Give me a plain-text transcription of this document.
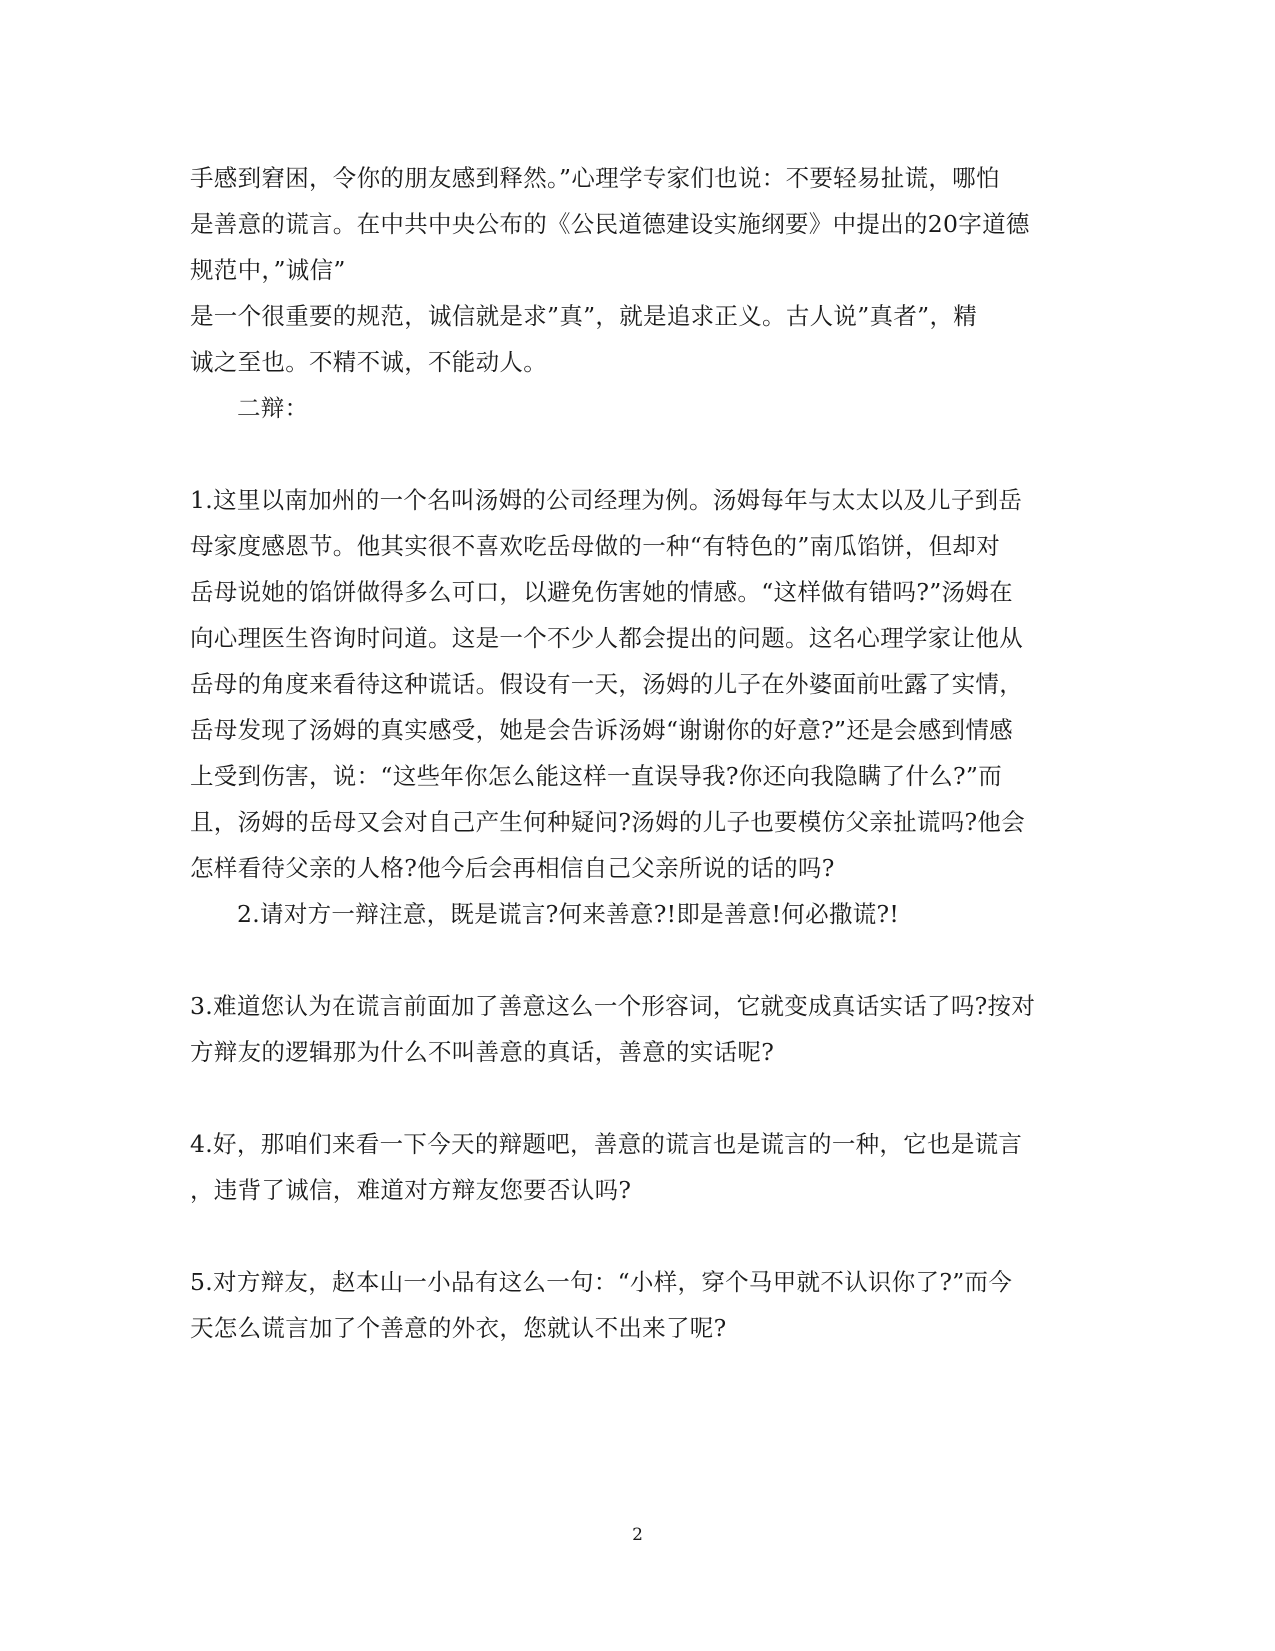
手感到窘困，令你的朋友感到释然。”心理学专家们也说：不要轻易扯谎，哪怕
是善意的谎言。在中共中央公布的《公民道德建设实施纲要》中提出的20字道德
规范中，”诚信”
是一个很重要的规范，诚信就是求”真”，就是追求正义。古人说”真者”，精
诚之至也。不精不诚，不能动人。
二辩：
1.这里以南加州的一个名叫汤姆的公司经理为例。汤姆每年与太太以及儿子到岳
母家度感恩节。他其实很不喜欢吃岳母做的一种“有特色的”南瓜馅饼，但却对
岳母说她的馅饼做得多么可口，以避免伤害她的情感。“这样做有错吗?”汤姆在
向心理医生咨询时问道。这是一个不少人都会提出的问题。这名心理学家让他从
岳母的角度来看待这种谎话。假设有一天，汤姆的儿子在外婆面前吐露了实情，
岳母发现了汤姆的真实感受，她是会告诉汤姆“谢谢你的好意?”还是会感到情感
上受到伤害，说：“这些年你怎么能这样一直误导我?你还向我隐瞒了什么?”而
且，汤姆的岳母又会对自己产生何种疑问?汤姆的儿子也要模仿父亲扯谎吗?他会
怎样看待父亲的人格?他今后会再相信自己父亲所说的话的吗?
2.请对方一辩注意，既是谎言?何来善意?!即是善意!何必撒谎?!
3.难道您认为在谎言前面加了善意这么一个形容词，它就变成真话实话了吗?按对
方辩友的逻辑那为什么不叫善意的真话，善意的实话呢?
4.好，那咱们来看一下今天的辩题吧，善意的谎言也是谎言的一种，它也是谎言
，违背了诚信，难道对方辩友您要否认吗?
5.对方辩友，赵本山一小品有这么一句：“小样，穿个马甲就不认识你了?”而今
天怎么谎言加了个善意的外衣，您就认不出来了呢?
2
